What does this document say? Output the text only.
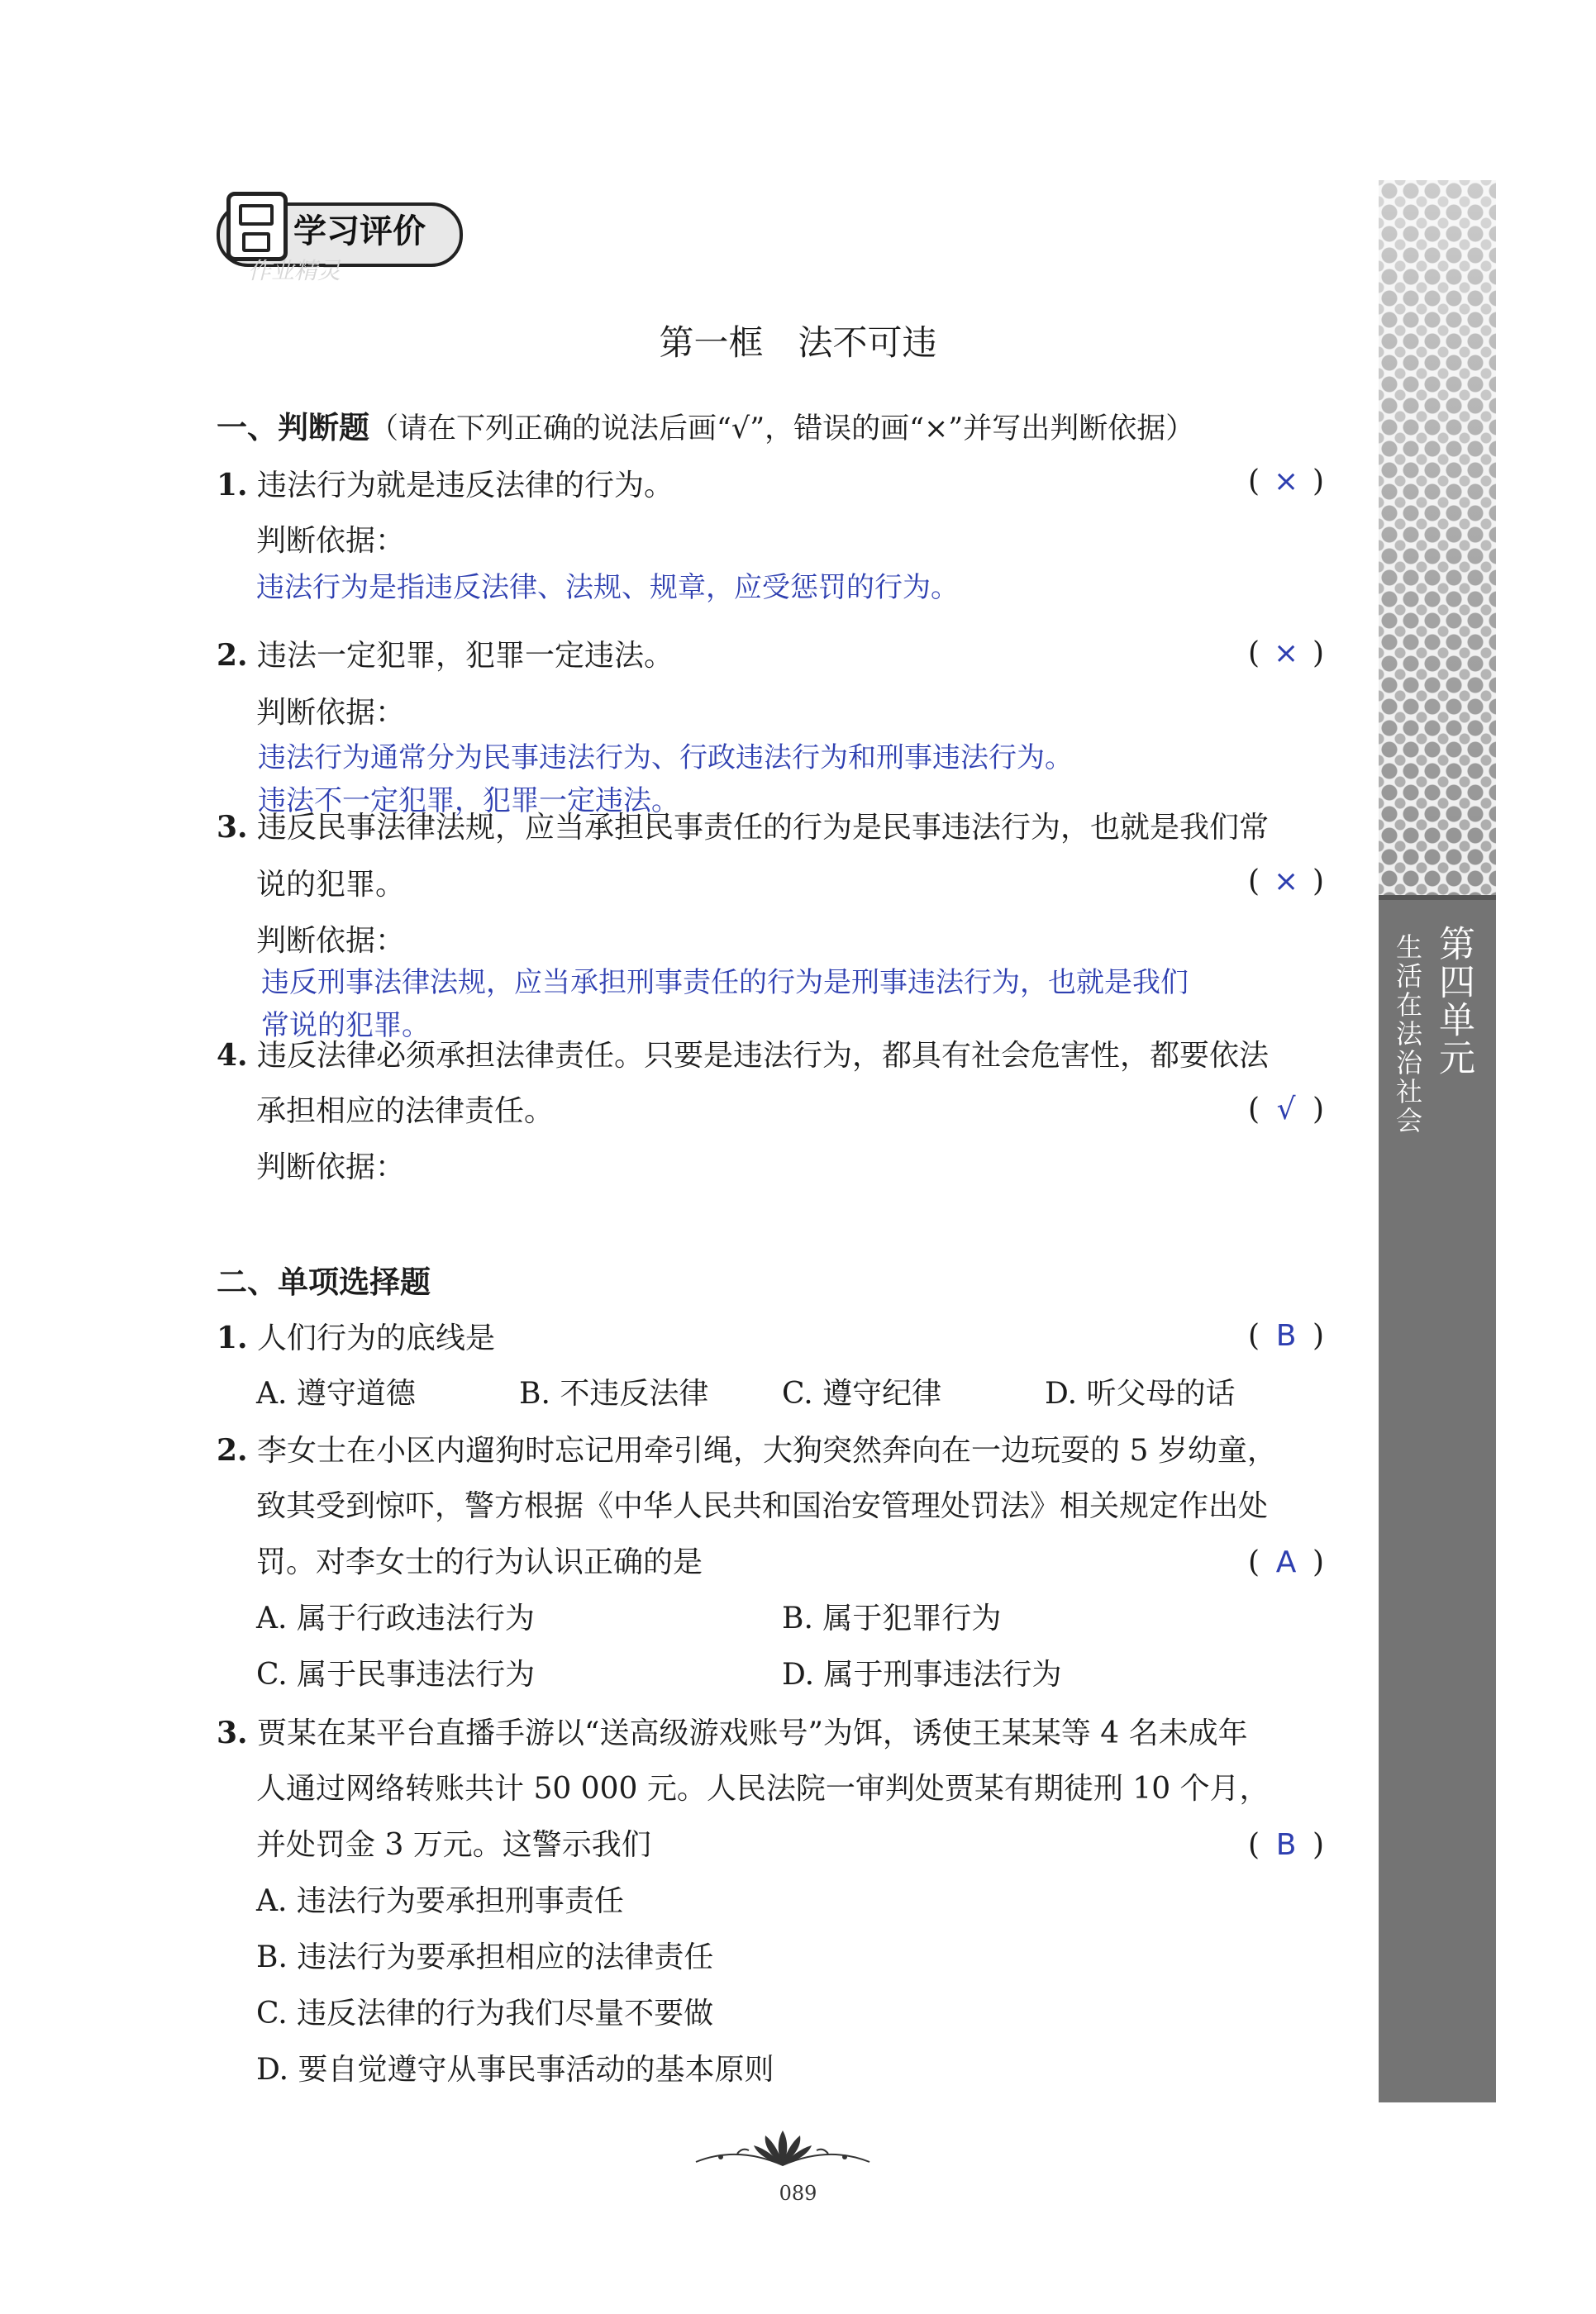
第四单元
生活在法治社会
学习评价
作业精灵
第一框　法不可违
一、判断题（请在下列正确的说法后画“√”，错误的画“×”并写出判断依据）
1. 违法行为就是违反法律的行为。	( × )
判断依据：
违法行为是指违反法律、法规、规章，应受惩罚的行为。
2. 违法一定犯罪，犯罪一定违法。	( × )
判断依据：
违法行为通常分为民事违法行为、行政违法行为和刑事违法行为。
违法不一定犯罪，犯罪一定违法。
3. 违反民事法律法规，应当承担民事责任的行为是民事违法行为，也就是我们常
说的犯罪。	( × )
判断依据：
违反刑事法律法规，应当承担刑事责任的行为是刑事违法行为，也就是我们
常说的犯罪。
4. 违反法律必须承担法律责任。只要是违法行为，都具有社会危害性，都要依法
承担相应的法律责任。	( √ )
判断依据：
二、单项选择题
1. 人们行为的底线是	( B )
A. 遵守道德	B. 不违反法律 C. 遵守纪律	D. 听父母的话
2. 李女士在小区内遛狗时忘记用牵引绳，大狗突然奔向在一边玩耍的 5 岁幼童，
致其受到惊吓，警方根据《中华人民共和国治安管理处罚法》相关规定作出处
罚。对李女士的行为认识正确的是	( A )
A. 属于行政违法行为	B. 属于犯罪行为
C. 属于民事违法行为	D. 属于刑事违法行为
3. 贾某在某平台直播手游以“送高级游戏账号”为饵，诱使王某某等 4 名未成年
人通过网络转账共计 50 000 元。人民法院一审判处贾某有期徒刑 10 个月，
并处罚金 3 万元。这警示我们	( B )
A. 违法行为要承担刑事责任
B. 违法行为要承担相应的法律责任
C. 违反法律的行为我们尽量不要做
D. 要自觉遵守从事民事活动的基本原则
089
